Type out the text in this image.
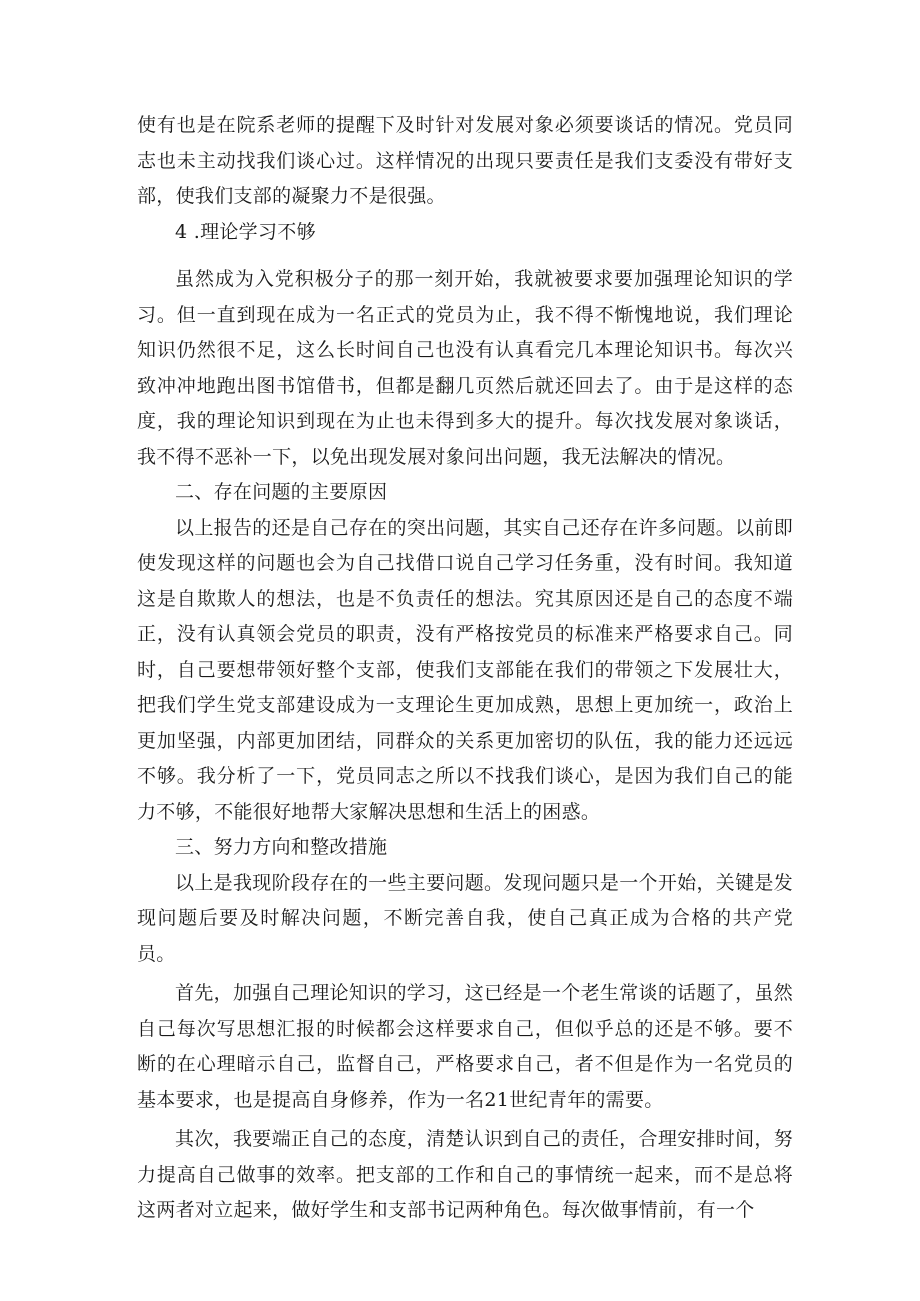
使有也是在院系老师的提醒下及时针对发展对象必须要谈话的情况。党员同志也未主动找我们谈心过。这样情况的出现只要责任是我们支委没有带好支部，使我们支部的凝聚力不是很强。

4 .理论学习不够

虽然成为入党积极分子的那一刻开始，我就被要求要加强理论知识的学习。但一直到现在成为一名正式的党员为止，我不得不惭愧地说，我们理论知识仍然很不足，这么长时间自己也没有认真看完几本理论知识书。每次兴致冲冲地跑出图书馆借书，但都是翻几页然后就还回去了。由于是这样的态度，我的理论知识到现在为止也未得到多大的提升。每次找发展对象谈话，我不得不恶补一下，以免出现发展对象问出问题，我无法解决的情况。

二、存在问题的主要原因

以上报告的还是自己存在的突出问题，其实自己还存在许多问题。以前即使发现这样的问题也会为自己找借口说自己学习任务重，没有时间。我知道这是自欺欺人的想法，也是不负责任的想法。究其原因还是自己的态度不端正，没有认真领会党员的职责，没有严格按党员的标准来严格要求自己。同时，自己要想带领好整个支部，使我们支部能在我们的带领之下发展壮大，把我们学生党支部建设成为一支理论生更加成熟，思想上更加统一，政治上更加坚强，内部更加团结，同群众的关系更加密切的队伍，我的能力还远远不够。我分析了一下，党员同志之所以不找我们谈心，是因为我们自己的能力不够，不能很好地帮大家解决思想和生活上的困惑。

三、努力方向和整改措施

以上是我现阶段存在的一些主要问题。发现问题只是一个开始，关键是发现问题后要及时解决问题，不断完善自我，使自己真正成为合格的共产党员。

首先，加强自己理论知识的学习，这已经是一个老生常谈的话题了，虽然自己每次写思想汇报的时候都会这样要求自己，但似乎总的还是不够。要不断的在心理暗示自己，监督自己，严格要求自己，者不但是作为一名党员的基本要求，也是提高自身修养，作为一名21世纪青年的需要。

其次，我要端正自己的态度，清楚认识到自己的责任，合理安排时间，努力提高自己做事的效率。把支部的工作和自己的事情统一起来，而不是总将这两者对立起来，做好学生和支部书记两种角色。每次做事情前，有一个
